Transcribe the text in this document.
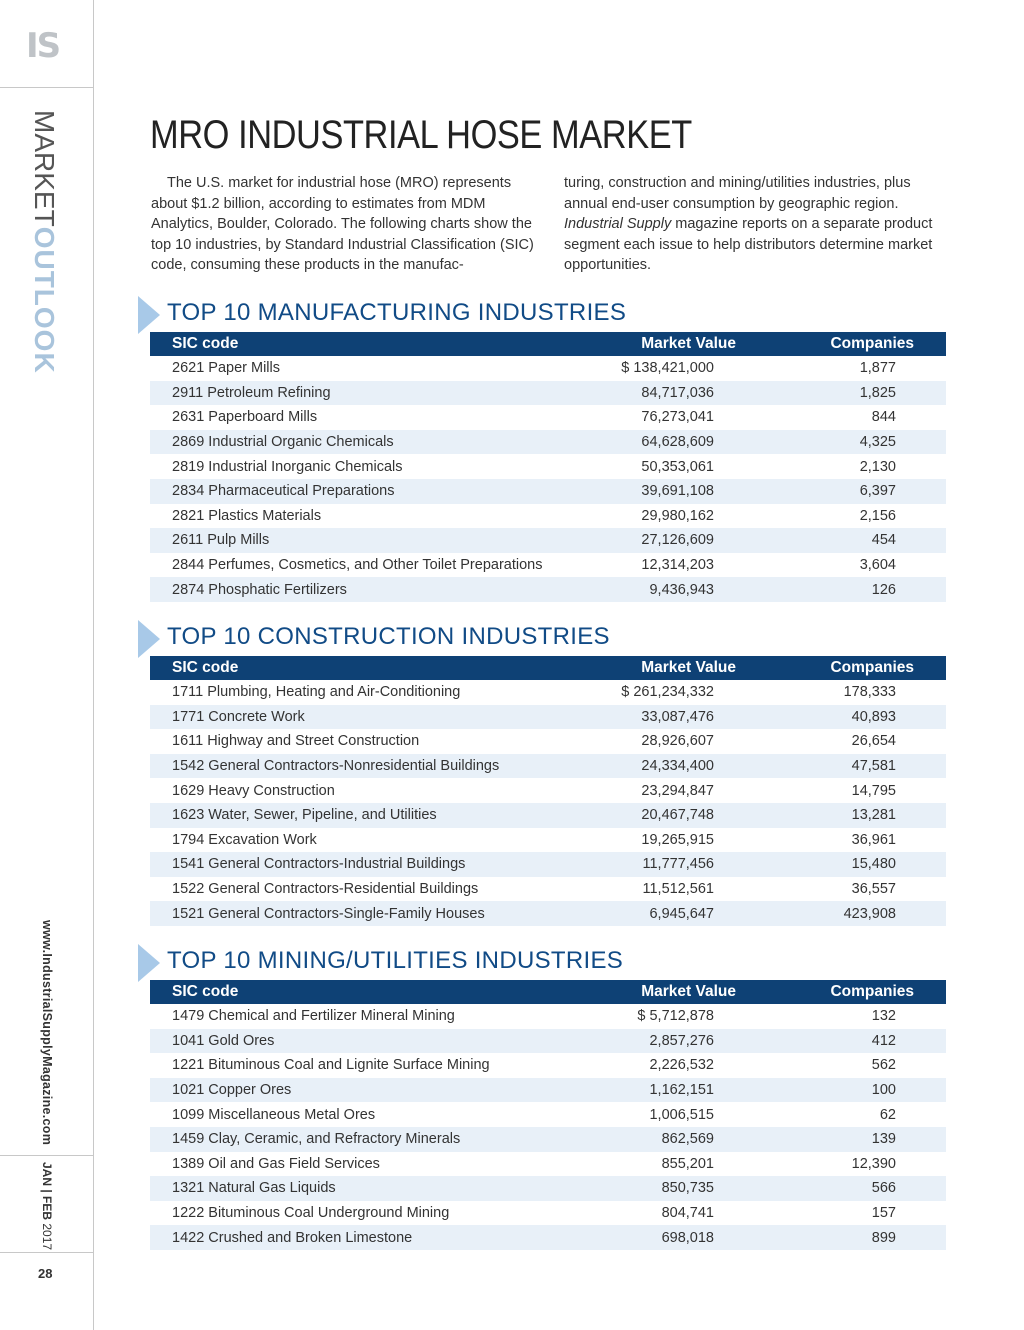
IS
MARKETOUTLOOK
www.IndustrialSupplyMagazine.com
JAN | FEB 2017
28
MRO INDUSTRIAL HOSE MARKET

The U.S. market for industrial hose (MRO) represents about $1.2 billion, according to estimates from MDM Analytics, Boulder, Colorado. The following charts show the top 10 industries, by Standard Industrial Classification (SIC) code, consuming these products in the manufac-

turing, construction and mining/utilities industries, plus annual end-user consumption by geographic region. Industrial Supply magazine reports on a separate product segment each issue to help distributors determine market opportunities.

TOP 10 MANUFACTURING INDUSTRIES
SIC code	Market Value	Companies
2621 Paper Mills	$ 138,421,000	1,877
2911 Petroleum Refining	84,717,036	1,825
2631 Paperboard Mills	76,273,041	844
2869 Industrial Organic Chemicals	64,628,609	4,325
2819 Industrial Inorganic Chemicals	50,353,061	2,130
2834 Pharmaceutical Preparations	39,691,108	6,397
2821 Plastics Materials	29,980,162	2,156
2611 Pulp Mills	27,126,609	454
2844 Perfumes, Cosmetics, and Other Toilet Preparations	12,314,203	3,604
2874 Phosphatic Fertilizers	9,436,943	126
TOP 10 CONSTRUCTION INDUSTRIES
SIC code	Market Value	Companies
1711 Plumbing, Heating and Air-Conditioning	$ 261,234,332	178,333
1771 Concrete Work	33,087,476	40,893
1611 Highway and Street Construction	28,926,607	26,654
1542 General Contractors-Nonresidential Buildings	24,334,400	47,581
1629 Heavy Construction	23,294,847	14,795
1623 Water, Sewer, Pipeline, and Utilities	20,467,748	13,281
1794 Excavation Work	19,265,915	36,961
1541 General Contractors-Industrial Buildings	11,777,456	15,480
1522 General Contractors-Residential Buildings	11,512,561	36,557
1521 General Contractors-Single-Family Houses	6,945,647	423,908
TOP 10 MINING/UTILITIES INDUSTRIES
SIC code	Market Value	Companies
1479 Chemical and Fertilizer Mineral Mining	$ 5,712,878	132
1041 Gold Ores	2,857,276	412
1221 Bituminous Coal and Lignite Surface Mining	2,226,532	562
1021 Copper Ores	1,162,151	100
1099 Miscellaneous Metal Ores	1,006,515	62
1459 Clay, Ceramic, and Refractory Minerals	862,569	139
1389 Oil and Gas Field Services	855,201	12,390
1321 Natural Gas Liquids	850,735	566
1222 Bituminous Coal Underground Mining	804,741	157
1422 Crushed and Broken Limestone	698,018	899
